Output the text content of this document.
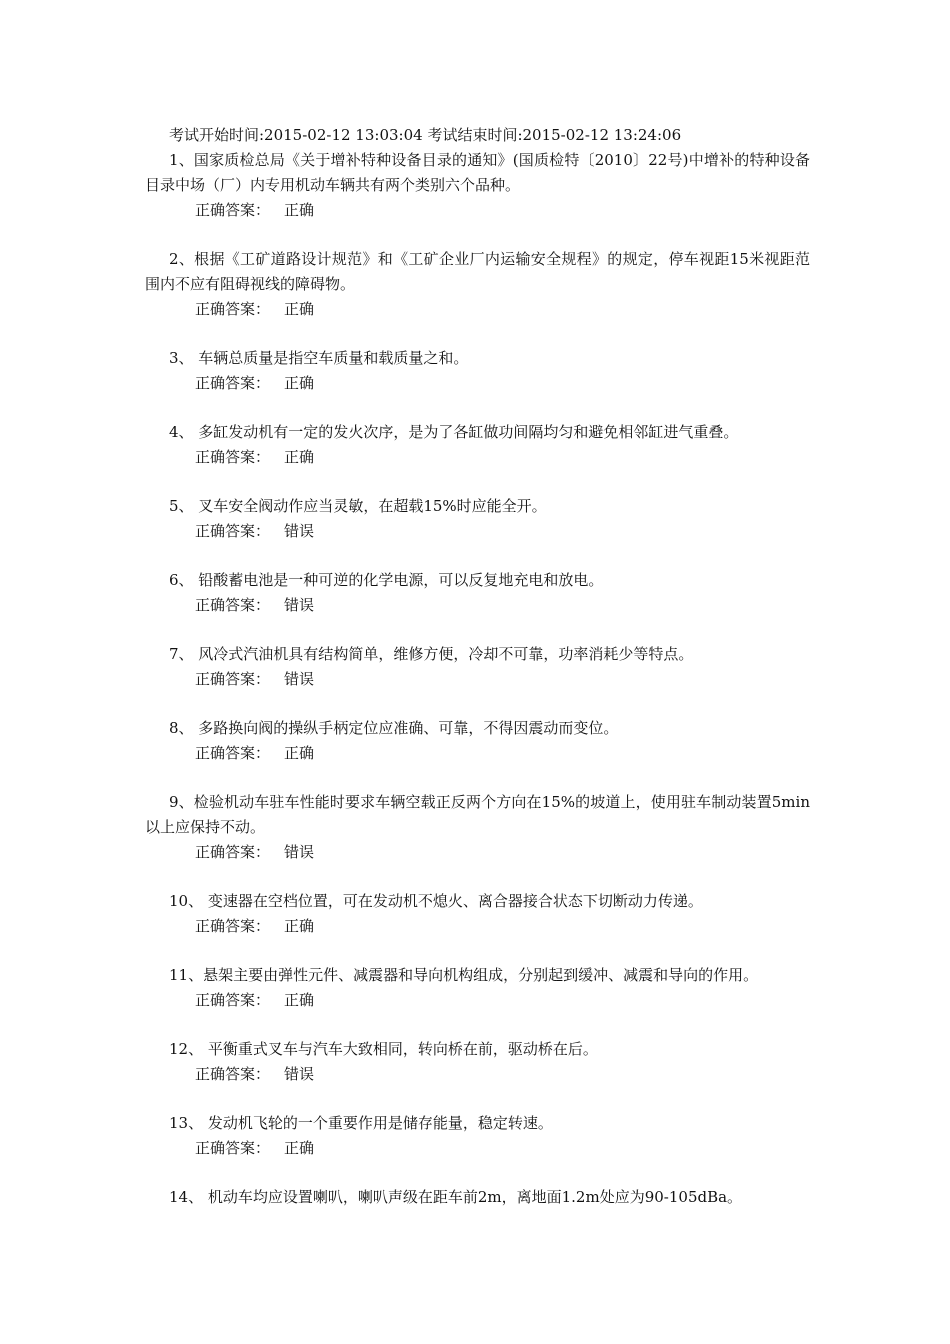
考试开始时间:2015-02-12 13:03:04 考试结束时间:2015-02-12 13:24:06

1、国家质检总局《关于增补特种设备目录的通知》(国质检特〔2010〕22号)中增补的特种设备目录中场（厂）内专用机动车辆共有两个类别六个品种。

正确答案： 正确

2、根据《工矿道路设计规范》和《工矿企业厂内运输安全规程》的规定，停车视距15米视距范围内不应有阻碍视线的障碍物。

正确答案： 正确

3、 车辆总质量是指空车质量和载质量之和。

正确答案： 正确

4、 多缸发动机有一定的发火次序，是为了各缸做功间隔均匀和避免相邻缸进气重叠。

正确答案： 正确

5、 叉车安全阀动作应当灵敏，在超载15%时应能全开。

正确答案： 错误

6、 铅酸蓄电池是一种可逆的化学电源，可以反复地充电和放电。

正确答案： 错误

7、 风冷式汽油机具有结构简单，维修方便，冷却不可靠，功率消耗少等特点。

正确答案： 错误

8、 多路换向阀的操纵手柄定位应准确、可靠，不得因震动而变位。

正确答案： 正确

9、检验机动车驻车性能时要求车辆空载正反两个方向在15%的坡道上，使用驻车制动装置5min以上应保持不动。

正确答案： 错误

10、 变速器在空档位置，可在发动机不熄火、离合器接合状态下切断动力传递。

正确答案： 正确

11、悬架主要由弹性元件、减震器和导向机构组成，分别起到缓冲、减震和导向的作用。

正确答案： 正确

12、 平衡重式叉车与汽车大致相同，转向桥在前，驱动桥在后。

正确答案： 错误

13、 发动机飞轮的一个重要作用是储存能量，稳定转速。

正确答案： 正确

14、 机动车均应设置喇叭，喇叭声级在距车前2m，离地面1.2m处应为90-105dBa。
